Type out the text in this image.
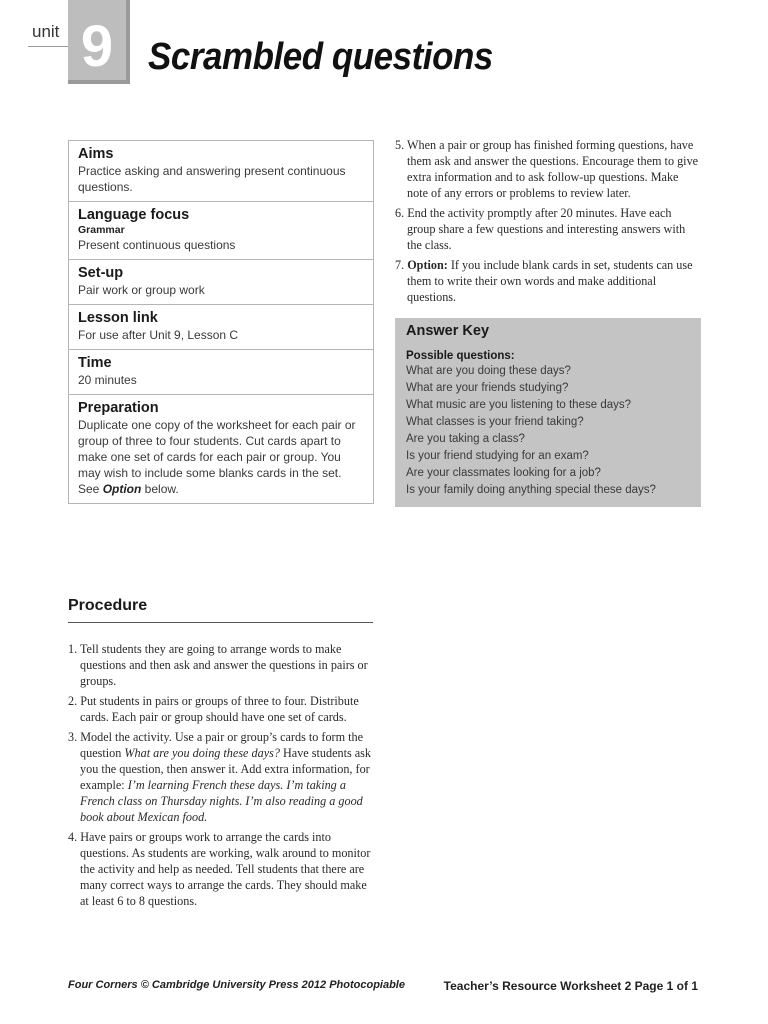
unit 9 Scrambled questions
Aims
Practice asking and answering present continuous questions.
Language focus
Grammar
Present continuous questions
Set-up
Pair work or group work
Lesson link
For use after Unit 9, Lesson C
Time
20 minutes
Preparation
Duplicate one copy of the worksheet for each pair or group of three to four students. Cut cards apart to make one set of cards for each pair or group. You may wish to include some blanks cards in the set. See Option below.
Procedure
1. Tell students they are going to arrange words to make questions and then ask and answer the questions in pairs or groups.
2. Put students in pairs or groups of three to four. Distribute cards. Each pair or group should have one set of cards.
3. Model the activity. Use a pair or group’s cards to form the question What are you doing these days? Have students ask you the question, then answer it. Add extra information, for example: I’m learning French these days. I’m taking a French class on Thursday nights. I’m also reading a good book about Mexican food.
4. Have pairs or groups work to arrange the cards into questions. As students are working, walk around to monitor the activity and help as needed. Tell students that there are many correct ways to arrange the cards. They should make at least 6 to 8 questions.
5. When a pair or group has finished forming questions, have them ask and answer the questions. Encourage them to give extra information and to ask follow-up questions. Make note of any errors or problems to review later.
6. End the activity promptly after 20 minutes. Have each group share a few questions and interesting answers with the class.
7. Option: If you include blank cards in set, students can use them to write their own words and make additional questions.
Answer Key
Possible questions:
What are you doing these days?
What are your friends studying?
What music are you listening to these days?
What classes is your friend taking?
Are you taking a class?
Is your friend studying for an exam?
Are your classmates looking for a job?
Is your family doing anything special these days?
Four Corners © Cambridge University Press 2012 Photocopiable	Teacher’s Resource Worksheet 2 Page 1 of 1
